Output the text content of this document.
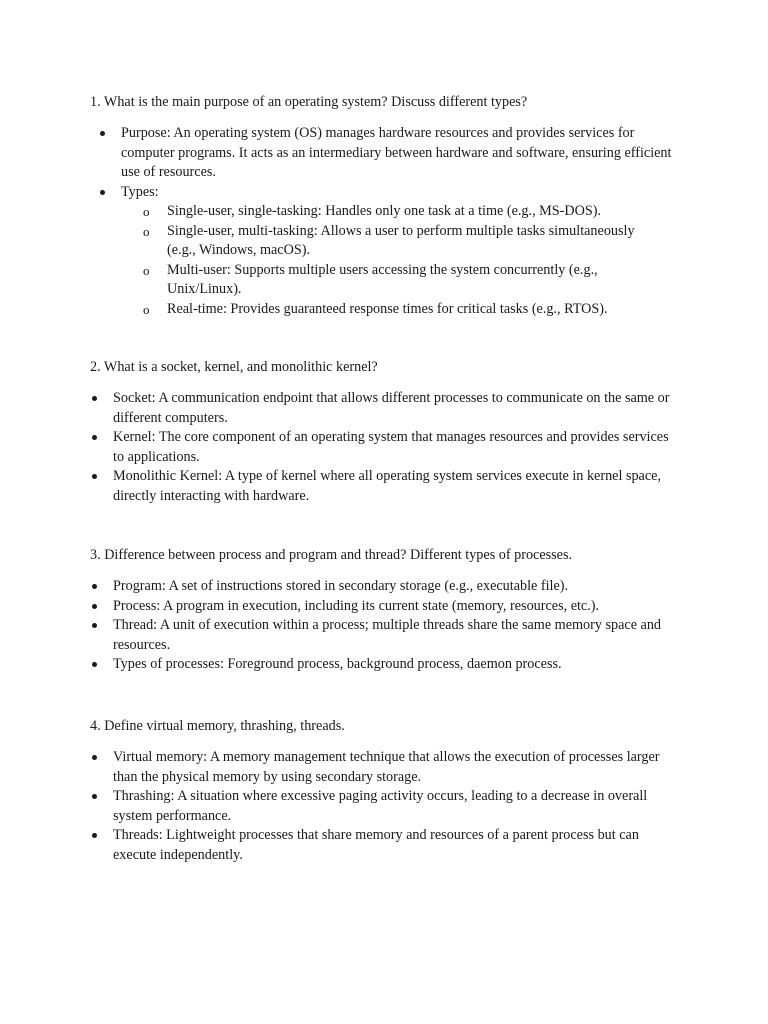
1. What is the main purpose of an operating system? Discuss different types?

Purpose: An operating system (OS) manages hardware resources and provides services for computer programs. It acts as an intermediary between hardware and software, ensuring efficient use of resources.
Types:
o Single-user, single-tasking: Handles only one task at a time (e.g., MS-DOS).
o Single-user, multi-tasking: Allows a user to perform multiple tasks simultaneously (e.g., Windows, macOS).
o Multi-user: Supports multiple users accessing the system concurrently (e.g., Unix/Linux).
o Real-time: Provides guaranteed response times for critical tasks (e.g., RTOS).

2. What is a socket, kernel, and monolithic kernel?

Socket: A communication endpoint that allows different processes to communicate on the same or different computers.
Kernel: The core component of an operating system that manages resources and provides services to applications.
Monolithic Kernel: A type of kernel where all operating system services execute in kernel space, directly interacting with hardware.

3. Difference between process and program and thread? Different types of processes.

Program: A set of instructions stored in secondary storage (e.g., executable file).
Process: A program in execution, including its current state (memory, resources, etc.).
Thread: A unit of execution within a process; multiple threads share the same memory space and resources.
Types of processes: Foreground process, background process, daemon process.

4. Define virtual memory, thrashing, threads.

Virtual memory: A memory management technique that allows the execution of processes larger than the physical memory by using secondary storage.
Thrashing: A situation where excessive paging activity occurs, leading to a decrease in overall system performance.
Threads: Lightweight processes that share memory and resources of a parent process but can execute independently.
